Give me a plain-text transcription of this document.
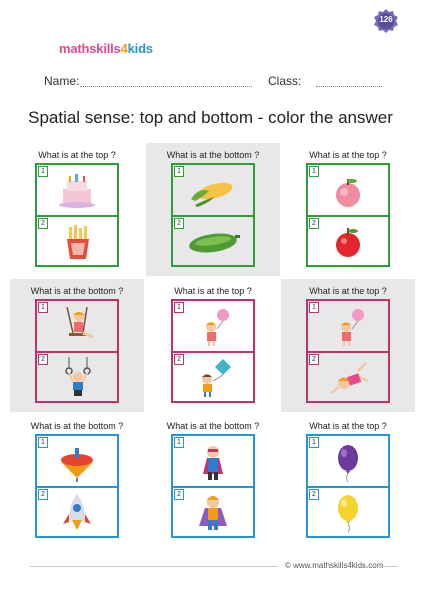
mathskills4kids
126
Name:	Class:
Spatial sense: top and bottom - color the answer
What is at the top ?
1
2
What is at the bottom ?
1
2
What is at the top ?
1
2
What is at the bottom ?
1
2
What is at the top ?
1
2
What is at the top ?
1
2
What is at the bottom ?
1
2
What is at the bottom ?
1
2
What is at the top ?
1
2
© www.mathskills4kids.com
